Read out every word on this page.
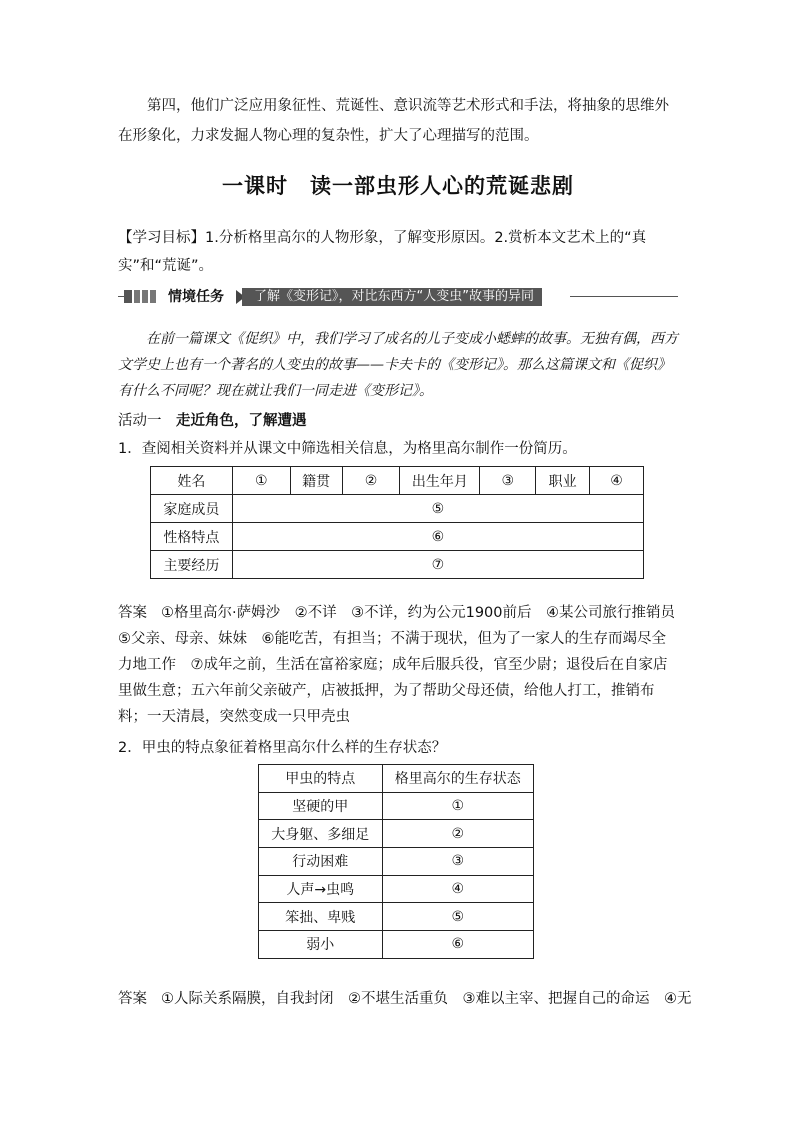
第四，他们广泛应用象征性、荒诞性、意识流等艺术形式和手法，将抽象的思维外在形象化，力求发掘人物心理的复杂性，扩大了心理描写的范围。

一课时　读一部虫形人心的荒诞悲剧

【学习目标】1.分析格里高尔的人物形象，了解变形原因。2.赏析本文艺术上的“真实”和“荒诞”。

情境任务	了解《变形记》，对比东西方“人变虫”故事的异同

在前一篇课文《促织》中，我们学习了成名的儿子变成小蟋蟀的故事。无独有偶，西方文学史上也有一个著名的人变虫的故事——卡夫卡的《变形记》。那么这篇课文和《促织》有什么不同呢？现在就让我们一同走进《变形记》。

活动一　 走近角色，了解遭遇
1．查阅相关资料并从课文中筛选相关信息，为格里高尔制作一份简历。
姓名	①	籍贯	②	出生年月	③	职业	④
家庭成员	⑤						
性格特点	⑥						
主要经历	⑦						

答案 ①格里高尔·萨姆沙　②不详　③不详，约为公元1900前后　④某公司旅行推销员　⑤父亲、母亲、妹妹　⑥能吃苦，有担当；不满于现状，但为了一家人的生存而竭尽全力地工作　⑦成年之前，生活在富裕家庭；成年后服兵役，官至少尉；退役后在自家店里做生意；五六年前父亲破产，店被抵押，为了帮助父母还债，给他人打工，推销布料；一天清晨，突然变成一只甲壳虫

2．甲虫的特点象征着格里高尔什么样的生存状态？
甲虫的特点	格里高尔的生存状态
坚硬的甲	①
大身躯、多细足	②
行动困难	③
人声→虫鸣	④
笨拙、卑贱	⑤
弱小	⑥
答案 ①人际关系隔膜，自我封闭　②不堪生活重负　③难以主宰、把握自己的命运　④无
